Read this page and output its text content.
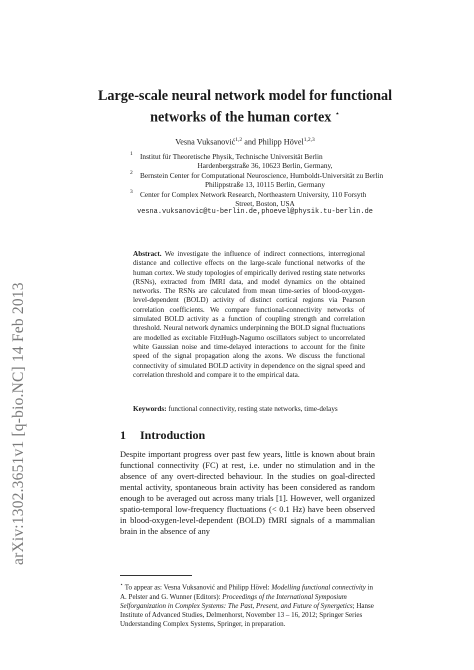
arXiv:1302.3651v1 [q-bio.NC] 14 Feb 2013
Large-scale neural network model for functional
networks of the human cortex ⋆
Vesna Vuksanović$^{1,2}$ and Philipp Hövel$^{1,2,3}$
1 Institut für Theoretische Physik, Technische Universität Berlin
Hardenbergstraße 36, 10623 Berlin, Germany,
2 Bernstein Center for Computational Neuroscience, Humboldt-Universität zu Berlin
Philippstraße 13, 10115 Berlin, Germany
3 Center for Complex Network Research, Northeastern University, 110 Forsyth
Street, Boston, USA
vesna.vuksanovic@tu-berlin.de,phoevel@physik.tu-berlin.de

Abstract. We investigate the influence of indirect connections, interregional distance and collective effects on the large-scale functional networks of the human cortex. We study topologies of empirically derived resting state networks (RSNs), extracted from fMRI data, and model dynamics on the obtained networks. The RSNs are calculated from mean time-series of blood-oxygen-level-dependent (BOLD) activity of distinct cortical regions via Pearson correlation coefficients. We compare functional-connectivity networks of simulated BOLD activity as a function of coupling strength and correlation threshold. Neural network dynamics underpinning the BOLD signal fluctuations are modelled as excitable FitzHugh-Nagumo oscillators subject to uncorrelated white Gaussian noise and time-delayed interactions to account for the finite speed of the signal propagation along the axons. We discuss the functional connectivity of simulated BOLD activity in dependence on the signal speed and correlation threshold and compare it to the empirical data.

Keywords: functional connectivity, resting state networks, time-delays
1 Introduction

Despite important progress over past few years, little is known about brain functional connectivity (FC) at rest, i.e. under no stimulation and in the absence of any overt-directed behaviour. In the studies on goal-directed mental activity, spontaneous brain activity has been considered as random enough to be averaged out across many trials [1]. However, well organized spatio-temporal low-frequency fluctuations (< 0.1 Hz) have been observed in blood-oxygen-level-dependent (BOLD) fMRI signals of a mammalian brain in the absence of any

⋆ To appear as: Vesna Vuksanović and Philipp Hövel: Modelling functional connectivity in A. Pelster and G. Wunner (Editors): Proceedings of the International Symposium Selforganization in Complex Systems: The Past, Present, and Future of Synergetics; Hanse Institute of Advanced Studies, Delmenhorst, November 13 – 16, 2012; Springer Series Understanding Complex Systems, Springer, in preparation.
